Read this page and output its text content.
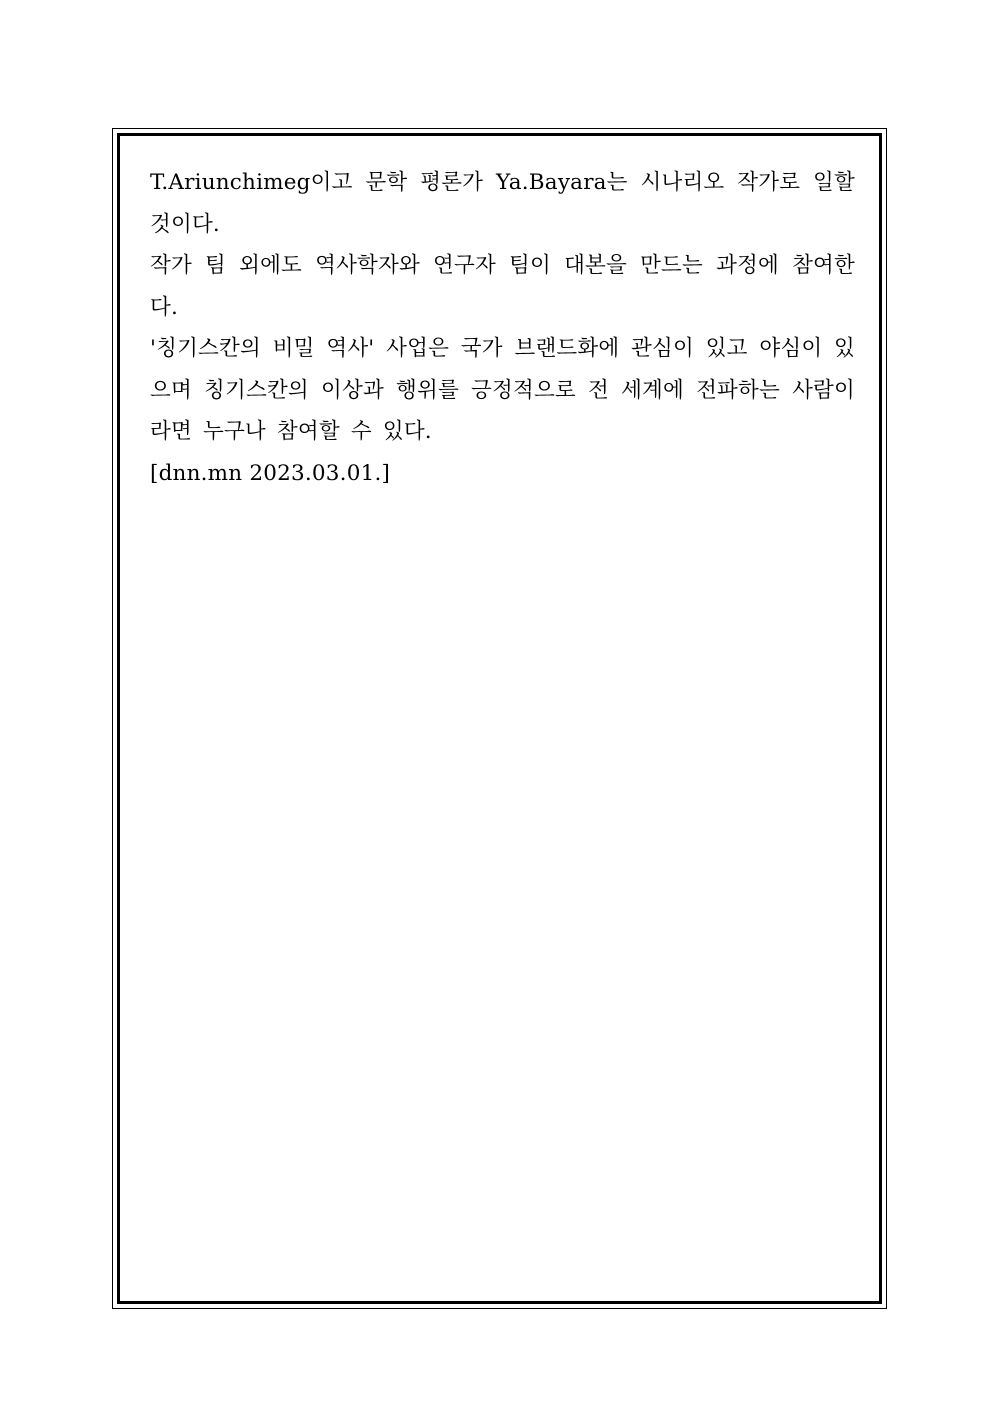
T.Ariunchimeg이고 문학 평론가 Ya.Bayara는 시나리오 작가로 일할 것이다.

작가 팀 외에도 역사학자와 연구자 팀이 대본을 만드는 과정에 참여한다.

'칭기스칸의 비밀 역사' 사업은 국가 브랜드화에 관심이 있고 야심이 있으며 칭기스칸의 이상과 행위를 긍정적으로 전 세계에 전파하는 사람이라면 누구나 참여할 수 있다.

[dnn.mn 2023.03.01.]
